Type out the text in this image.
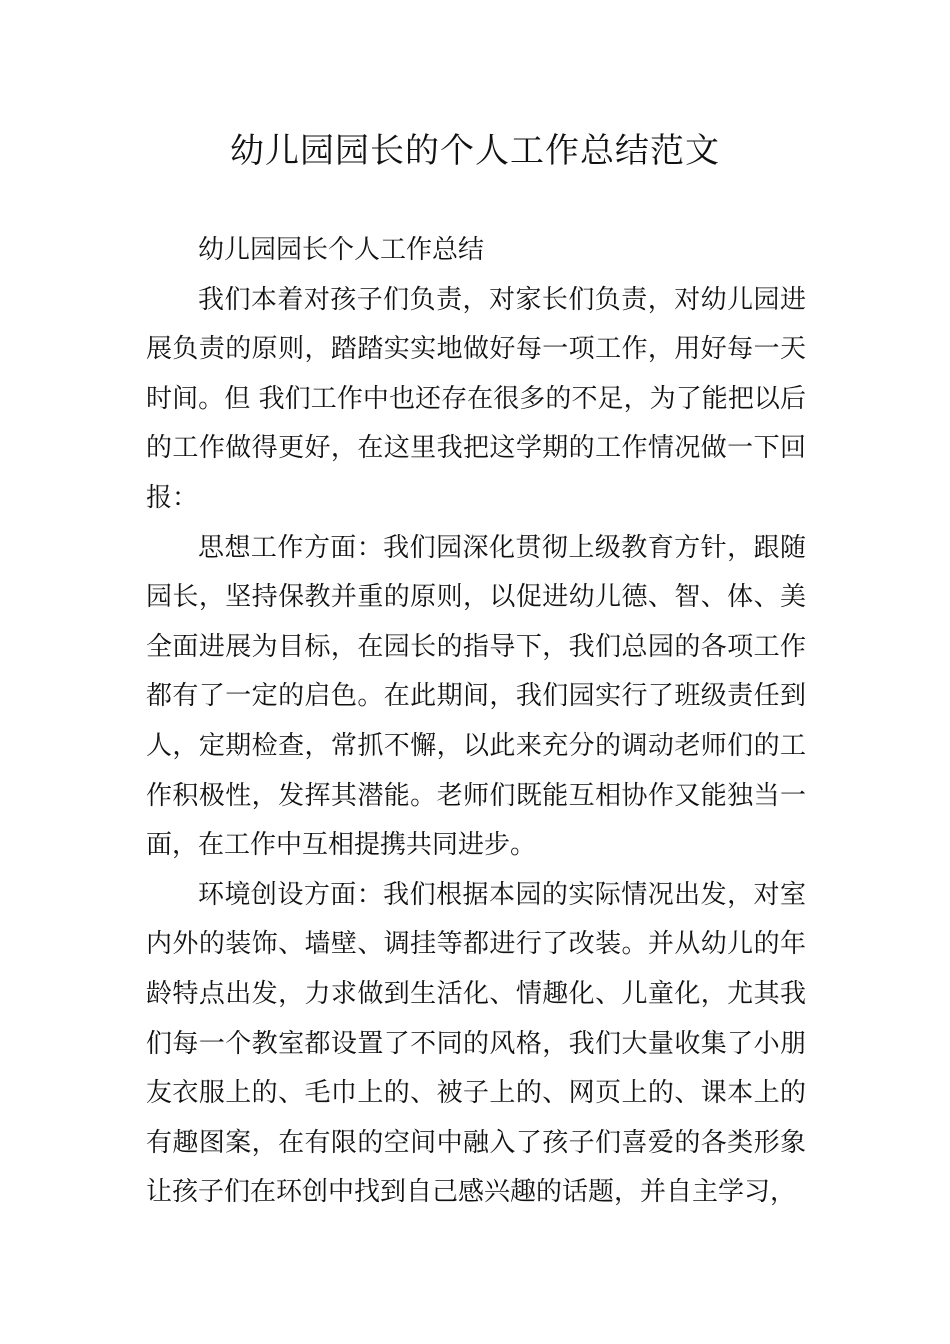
幼儿园园长的个人工作总结范文

幼儿园园长个人工作总结

我们本着对孩子们负责，对家长们负责，对幼儿园进展负责的原则，踏踏实实地做好每一项工作，用好每一天时间。但 我们工作中也还存在很多的不足，为了能把以后的工作做得更好，在这里我把这学期的工作情况做一下回报：

思想工作方面：我们园深化贯彻上级教育方针，跟随园长，坚持保教并重的原则，以促进幼儿德、智、体、美全面进展为目标，在园长的指导下，我们总园的各项工作都有了一定的启色。在此期间，我们园实行了班级责任到人，定期检查，常抓不懈，以此来充分的调动老师们的工作积极性，发挥其潜能。老师们既能互相协作又能独当一面，在工作中互相提携共同进步。

环境创设方面：我们根据本园的实际情况出发，对室内外的装饰、墙壁、调挂等都进行了改装。并从幼儿的年龄特点出发，力求做到生活化、情趣化、儿童化，尤其我们每一个教室都设置了不同的风格，我们大量收集了小朋友衣服上的、毛巾上的、被子上的、网页上的、课本上的有趣图案，在有限的空间中融入了孩子们喜爱的各类形象让孩子们在环创中找到自己感兴趣的话题，并自主学习，
